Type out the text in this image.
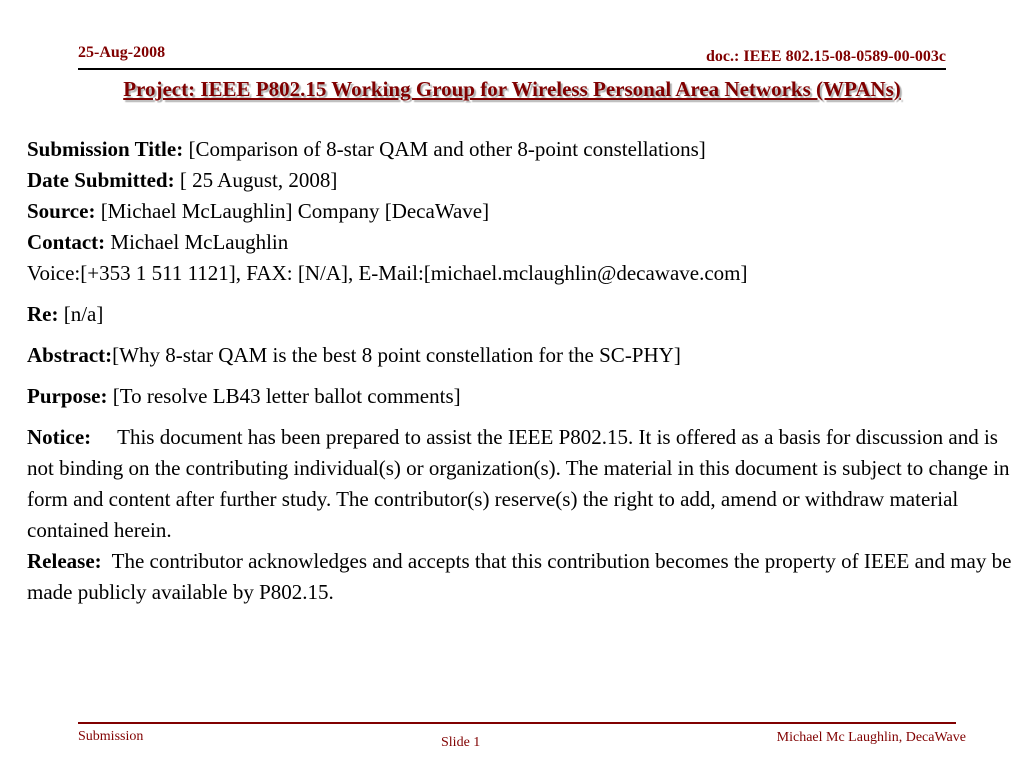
25-Aug-2008	doc.: IEEE 802.15-08-0589-00-003c
Project: IEEE P802.15 Working Group for Wireless Personal Area Networks (WPANs)
Submission Title: [Comparison of 8-star QAM and other 8-point constellations]
Date Submitted: [ 25 August, 2008]
Source: [Michael McLaughlin] Company [DecaWave]
Contact: Michael McLaughlin
Voice:[+353 1 511 1121], FAX: [N/A], E-Mail:[michael.mclaughlin@decawave.com]
Re: [n/a]
Abstract:[Why 8-star QAM is the best 8 point constellation for the SC-PHY]
Purpose: [To resolve LB43 letter ballot comments]
Notice: This document has been prepared to assist the IEEE P802.15. It is offered as a basis for discussion and is not binding on the contributing individual(s) or organization(s). The material in this document is subject to change in form and content after further study. The contributor(s) reserve(s) the right to add, amend or withdraw material contained herein.
Release: The contributor acknowledges and accepts that this contribution becomes the property of IEEE and may be made publicly available by P802.15.
Submission	Slide 1	Michael Mc Laughlin, DecaWave
